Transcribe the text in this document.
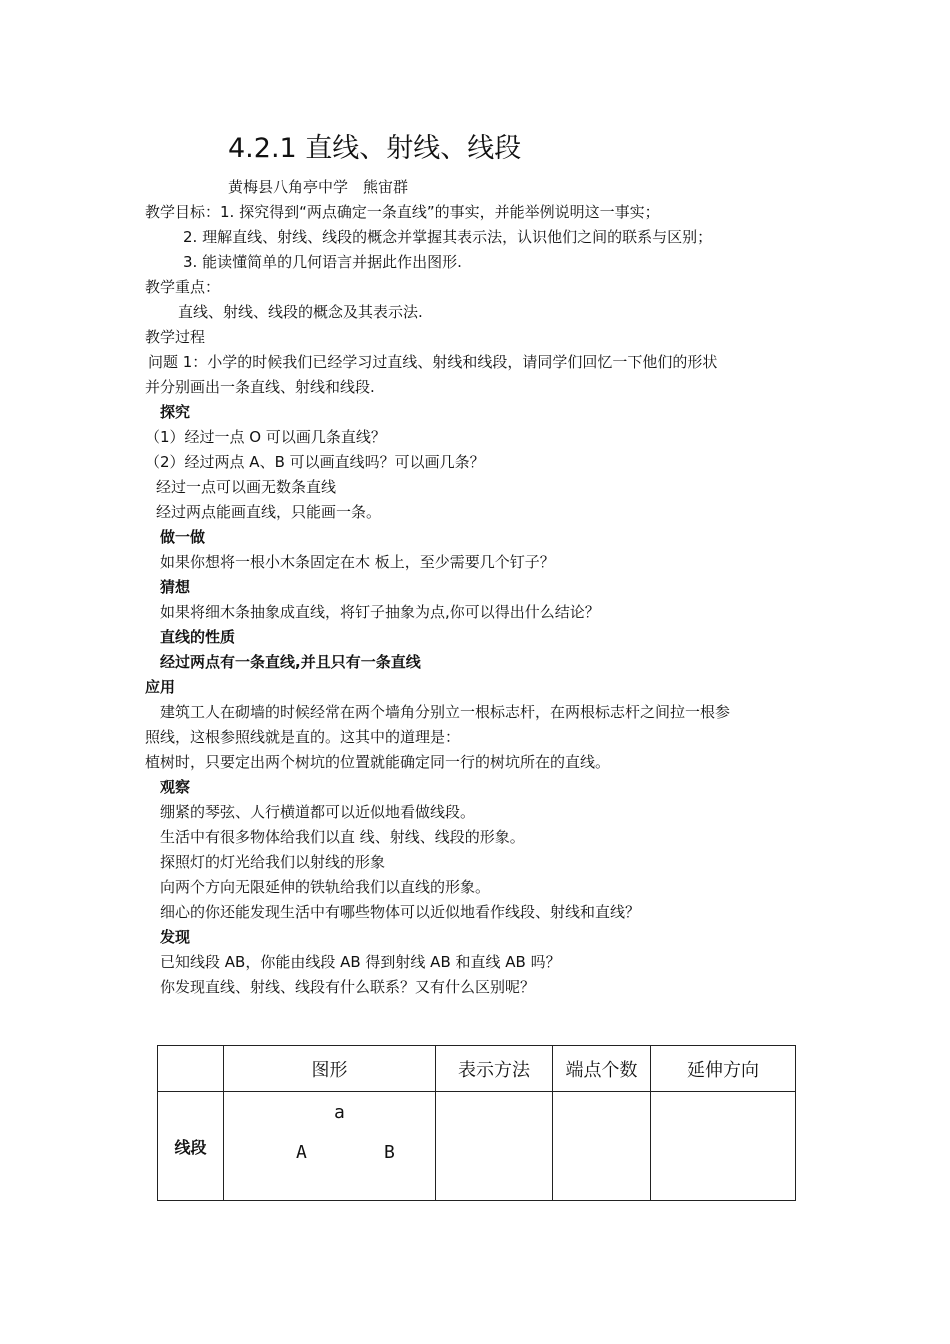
4.2.1 直线、射线、线段
黄梅县八角亭中学　熊宙群
教学目标：1. 探究得到“两点确定一条直线”的事实，并能举例说明这一事实；
2. 理解直线、射线、线段的概念并掌握其表示法，认识他们之间的联系与区别；
3. 能读懂简单的几何语言并据此作出图形.
教学重点：
直线、射线、线段的概念及其表示法.
教学过程
问题 1：小学的时候我们已经学习过直线、射线和线段，请同学们回忆一下他们的形状
并分别画出一条直线、射线和线段.
探究
（1）经过一点 O 可以画几条直线？
（2）经过两点 A、B 可以画直线吗？可以画几条？
经过一点可以画无数条直线
经过两点能画直线，只能画一条。
做一做
如果你想将一根小木条固定在木 板上，至少需要几个钉子？
猜想
如果将细木条抽象成直线，将钉子抽象为点,你可以得出什么结论？
直线的性质
经过两点有一条直线,并且只有一条直线
应用
建筑工人在砌墙的时候经常在两个墙角分别立一根标志杆，在两根标志杆之间拉一根参
照线，这根参照线就是直的。这其中的道理是：
植树时，只要定出两个树坑的位置就能确定同一行的树坑所在的直线。
观察
绷紧的琴弦、人行横道都可以近似地看做线段。
生活中有很多物体给我们以直 线、射线、线段的形象。
探照灯的灯光给我们以射线的形象
向两个方向无限延伸的铁轨给我们以直线的形象。
细心的你还能发现生活中有哪些物体可以近似地看作线段、射线和直线？
发现
已知线段 AB，你能由线段 AB 得到射线 AB 和直线 AB 吗？
你发现直线、射线、线段有什么联系？又有什么区别呢？
	图形	表示方法	端点个数	延伸方向
线段	a
A B			
